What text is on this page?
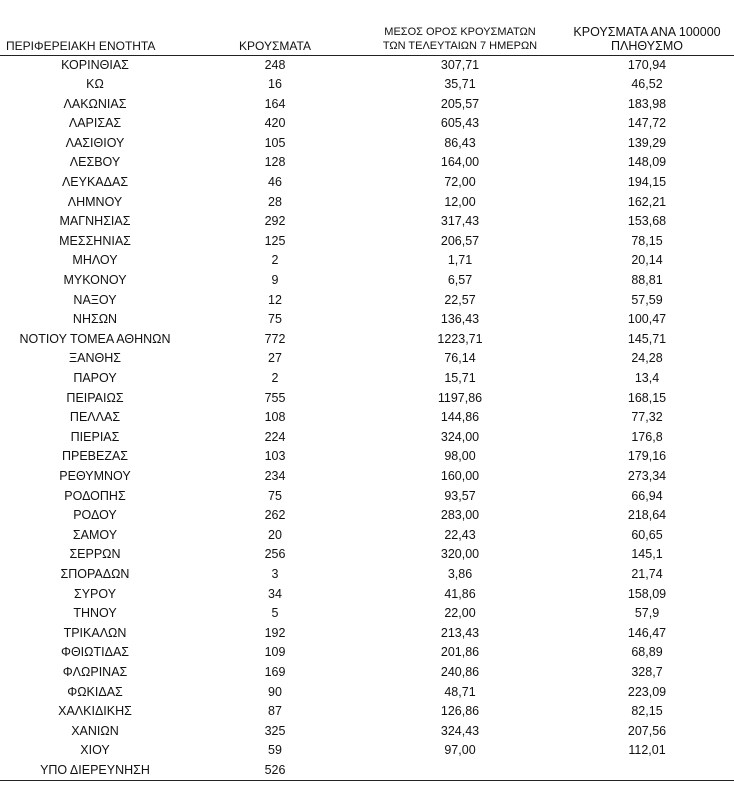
ΠΕΡΙΦΕΡΕΙΑΚΗ ΕΝΟΤΗΤΑ	ΚΡΟΥΣΜΑΤΑ	ΜΕΣΟΣ ΟΡΟΣ ΚΡΟΥΣΜΑΤΩΝ
ΤΩΝ ΤΕΛΕΥΤΑΙΩΝ 7 ΗΜΕΡΩΝ	ΚΡΟΥΣΜΑΤΑ ΑΝΑ 100000
ΠΛΗΘΥΣΜΟ
ΚΟΡΙΝΘΙΑΣ	248	307,71	170,94
ΚΩ	16	35,71	46,52
ΛΑΚΩΝΙΑΣ	164	205,57	183,98
ΛΑΡΙΣΑΣ	420	605,43	147,72
ΛΑΣΙΘΙΟΥ	105	86,43	139,29
ΛΕΣΒΟΥ	128	164,00	148,09
ΛΕΥΚΑΔΑΣ	46	72,00	194,15
ΛΗΜΝΟΥ	28	12,00	162,21
ΜΑΓΝΗΣΙΑΣ	292	317,43	153,68
ΜΕΣΣΗΝΙΑΣ	125	206,57	78,15
ΜΗΛΟΥ	2	1,71	20,14
ΜΥΚΟΝΟΥ	9	6,57	88,81
ΝΑΞΟΥ	12	22,57	57,59
ΝΗΣΩΝ	75	136,43	100,47
ΝΟΤΙΟΥ ΤΟΜΕΑ ΑΘΗΝΩΝ	772	1223,71	145,71
ΞΑΝΘΗΣ	27	76,14	24,28
ΠΑΡΟΥ	2	15,71	13,4
ΠΕΙΡΑΙΩΣ	755	1197,86	168,15
ΠΕΛΛΑΣ	108	144,86	77,32
ΠΙΕΡΙΑΣ	224	324,00	176,8
ΠΡΕΒΕΖΑΣ	103	98,00	179,16
ΡΕΘΥΜΝΟΥ	234	160,00	273,34
ΡΟΔΟΠΗΣ	75	93,57	66,94
ΡΟΔΟΥ	262	283,00	218,64
ΣΑΜΟΥ	20	22,43	60,65
ΣΕΡΡΩΝ	256	320,00	145,1
ΣΠΟΡΑΔΩΝ	3	3,86	21,74
ΣΥΡΟΥ	34	41,86	158,09
ΤΗΝΟΥ	5	22,00	57,9
ΤΡΙΚΑΛΩΝ	192	213,43	146,47
ΦΘΙΩΤΙΔΑΣ	109	201,86	68,89
ΦΛΩΡΙΝΑΣ	169	240,86	328,7
ΦΩΚΙΔΑΣ	90	48,71	223,09
ΧΑΛΚΙΔΙΚΗΣ	87	126,86	82,15
ΧΑΝΙΩΝ	325	324,43	207,56
ΧΙΟΥ	59	97,00	112,01
ΥΠΟ ΔΙΕΡΕΥΝΗΣΗ	526		
